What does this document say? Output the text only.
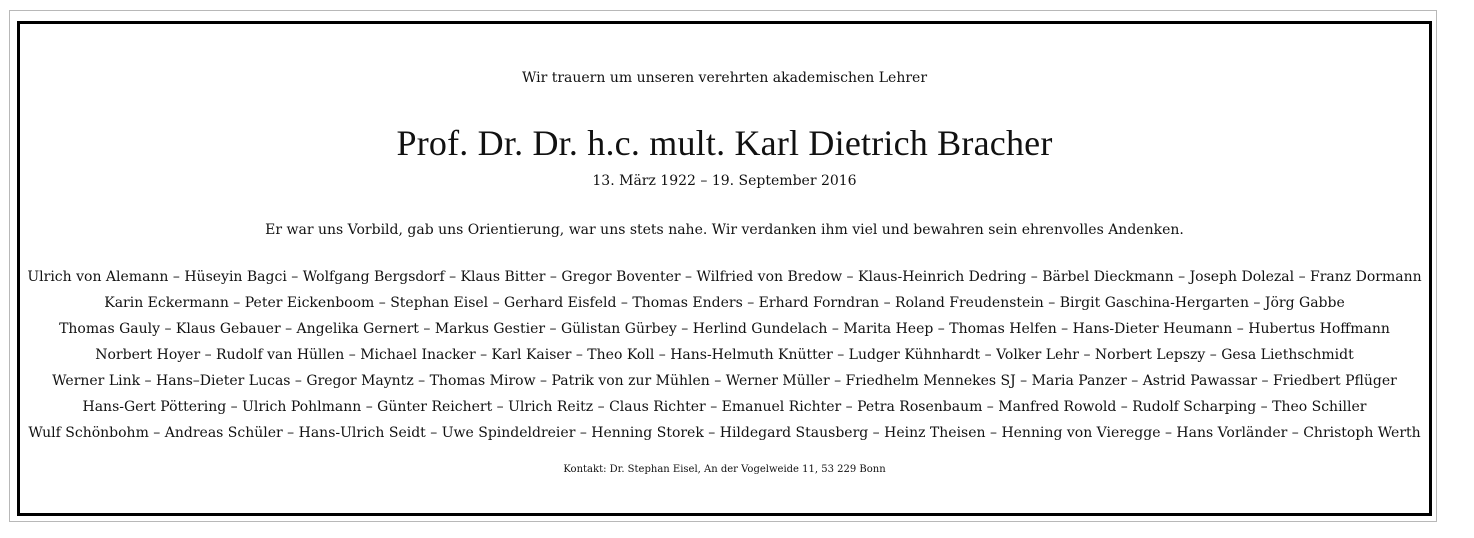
Wir trauern um unseren verehrten akademischen Lehrer
Prof. Dr. Dr. h.c. mult. Karl Dietrich Bracher
13. März 1922 – 19. September 2016
Er war uns Vorbild, gab uns Orientierung, war uns stets nahe. Wir verdanken ihm viel und bewahren sein ehrenvolles Andenken.
Ulrich von Alemann – Hüseyin Bagci – Wolfgang Bergsdorf – Klaus Bitter – Gregor Boventer – Wilfried von Bredow – Klaus-Heinrich Dedring – Bärbel Dieckmann – Joseph Dolezal – Franz Dormann
Karin Eckermann – Peter Eickenboom – Stephan Eisel – Gerhard Eisfeld – Thomas Enders – Erhard Forndran – Roland Freudenstein – Birgit Gaschina-Hergarten – Jörg Gabbe
Thomas Gauly – Klaus Gebauer – Angelika Gernert – Markus Gestier – Gülistan Gürbey – Herlind Gundelach – Marita Heep – Thomas Helfen – Hans-Dieter Heumann – Hubertus Hoffmann
Norbert Hoyer – Rudolf van Hüllen – Michael Inacker – Karl Kaiser – Theo Koll – Hans-Helmuth Knütter – Ludger Kühnhardt – Volker Lehr – Norbert Lepszy – Gesa Liethschmidt
Werner Link – Hans–Dieter Lucas – Gregor Mayntz – Thomas Mirow – Patrik von zur Mühlen – Werner Müller – Friedhelm Mennekes SJ – Maria Panzer – Astrid Pawassar – Friedbert Pflüger
Hans-Gert Pöttering – Ulrich Pohlmann – Günter Reichert – Ulrich Reitz – Claus Richter – Emanuel Richter – Petra Rosenbaum – Manfred Rowold – Rudolf Scharping – Theo Schiller
Wulf Schönbohm – Andreas Schüler – Hans-Ulrich Seidt – Uwe Spindeldreier – Henning Storek – Hildegard Stausberg – Heinz Theisen – Henning von Vieregge – Hans Vorländer – Christoph Werth
Kontakt: Dr. Stephan Eisel, An der Vogelweide 11, 53 229 Bonn
